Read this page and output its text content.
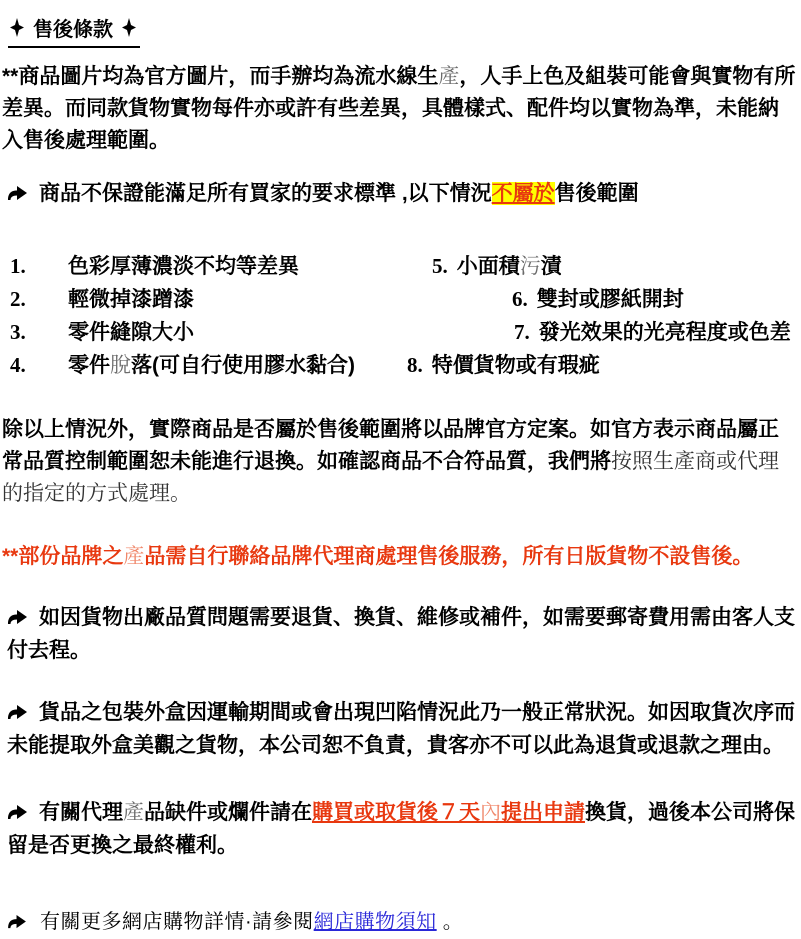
售後條款

**商品圖片均為官方圖片，而手辦均為流水線生產，人手上色及組裝可能會與實物有所差異。而同款貨物實物每件亦或許有些差異，具體樣式、配件均以實物為準，未能納入售後處理範圍。

商品不保證能滿足所有買家的要求標準 ,以下情況不屬於售後範圍

1. 色彩厚薄濃淡不均等差異	5. 小面積污漬
2. 輕微掉漆蹭漆	6. 雙封或膠紙開封
3. 零件縫隙大小	7. 發光效果的光亮程度或色差
4. 零件脫落(可自行使用膠水黏合) 8. 特價貨物或有瑕疵

除以上情況外，實際商品是否屬於售後範圍將以品牌官方定案。如官方表示商品屬正常品質控制範圍恕未能進行退換。如確認商品不合符品質，我們將按照生產商或代理的指定的方式處理。

**部份品牌之產品需自行聯絡品牌代理商處理售後服務，所有日版貨物不設售後。

如因貨物出廠品質問題需要退貨、換貨、維修或補件，如需要郵寄費用需由客人支付去程。

貨品之包裝外盒因運輸期間或會出現凹陷情況此乃一般正常狀況。如因取貨次序而未能提取外盒美觀之貨物，本公司恕不負責，貴客亦不可以此為退貨或退款之理由。

有關代理產品缺件或爛件請在購買或取貨後７天內提出申請換貨，過後本公司將保留是否更換之最終權利。

有關更多網店購物詳情·請參閱網店購物須知 。
